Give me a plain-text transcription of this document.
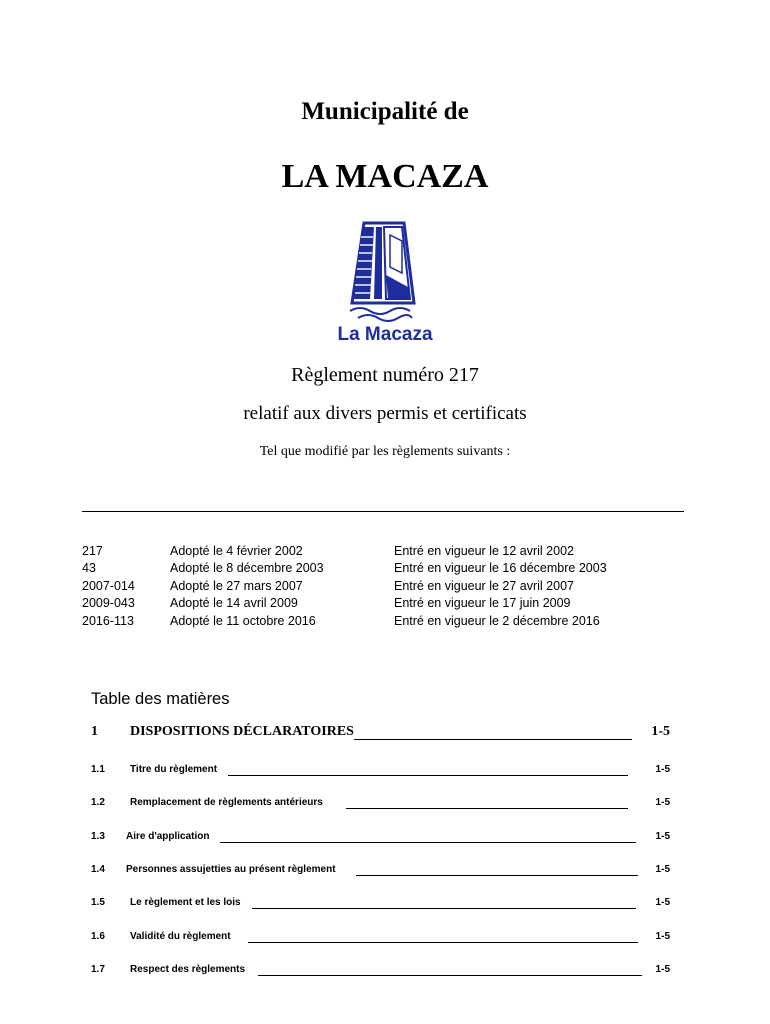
Municipalité de
LA MACAZA
La Macaza
Règlement numéro 217
relatif aux divers permis et certificats
Tel que modifié par les règlements suivants :
217	Adopté le 4 février 2002	Entré en vigueur le 12 avril 2002
43	Adopté le 8 décembre 2003	Entré en vigueur le 16 décembre 2003
2007-014	Adopté le 27 mars 2007	Entré en vigueur le 27 avril 2007
2009-043	Adopté le 14 avril 2009	Entré en vigueur le 17 juin 2009
2016-113	Adopté le 11 octobre 2016	Entré en vigueur le 2 décembre 2016
Table des matières
1 DISPOSITIONS DÉCLARATOIRES	1-5
1.1	Titre du règlement	1-5
1.2	Remplacement de règlements antérieurs	1-5
1.3 Aire d'application	1-5
1.4 Personnes assujetties au présent règlement	1-5
1.5	Le règlement et les lois	1-5
1.6	Validité du règlement	1-5
1.7	Respect des règlements	1-5
